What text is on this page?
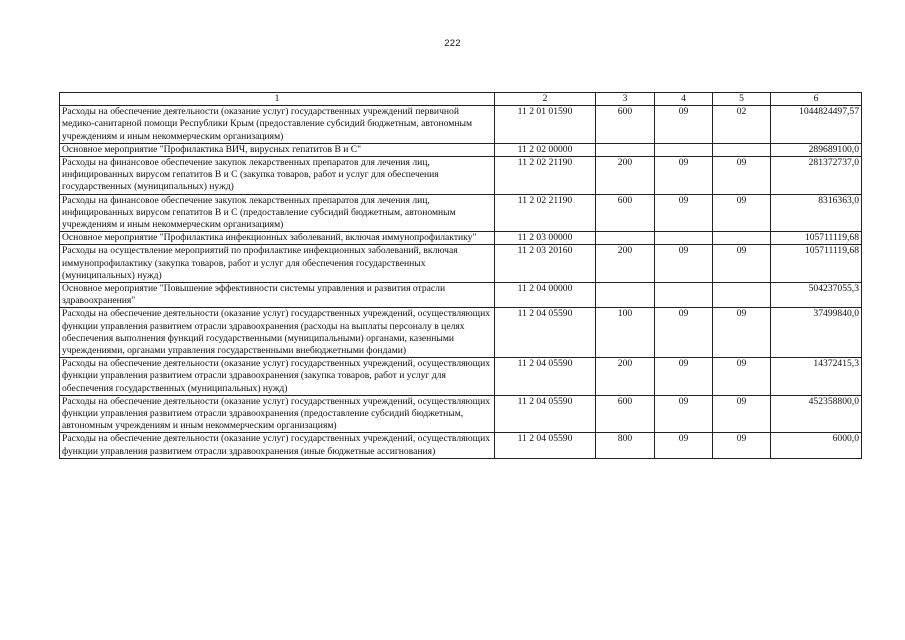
222
1	2	3	4	5	6
Расходы на обеспечение деятельности (оказание услуг) государственных учреждений первичной медико-санитарной помощи Республики Крым (предоставление субсидий бюджетным, автономным учреждениям и иным некоммерческим организациям)	11 2 01 01590	600	09	02	1044824497,57
Основное мероприятие "Профилактика ВИЧ, вирусных гепатитов В и С"	11 2 02 00000				289689100,0
Расходы на финансовое обеспечение закупок лекарственных препаратов для лечения лиц, инфицированных вирусом гепатитов В и С (закупка товаров, работ и услуг для обеспечения государственных (муниципальных) нужд)	11 2 02 21190	200	09	09	281372737,0
Расходы на финансовое обеспечение закупок лекарственных препаратов для лечения лиц, инфицированных вирусом гепатитов В и С (предоставление субсидий бюджетным, автономным учреждениям и иным некоммерческим организациям)	11 2 02 21190	600	09	09	8316363,0
Основное мероприятие "Профилактика инфекционных заболеваний, включая иммунопрофилактику"	11 2 03 00000				105711119,68
Расходы на осуществление мероприятий по профилактике инфекционных заболеваний, включая иммунопрофилактику (закупка товаров, работ и услуг для обеспечения государственных (муниципальных) нужд)	11 2 03 20160	200	09	09	105711119,68
Основное мероприятие "Повышение эффективности системы управления и развития отрасли здравоохранения"	11 2 04 00000				504237055,3
Расходы на обеспечение деятельности (оказание услуг) государственных учреждений, осуществляющих функции управления развитием отрасли здравоохранения (расходы на выплаты персоналу в целях обеспечения выполнения функций государственными (муниципальными) органами, казенными учреждениями, органами управления государственными внебюджетными фондами)	11 2 04 05590	100	09	09	37499840,0
Расходы на обеспечение деятельности (оказание услуг) государственных учреждений, осуществляющих функции управления развитием отрасли здравоохранения (закупка товаров, работ и услуг для обеспечения государственных (муниципальных) нужд)	11 2 04 05590	200	09	09	14372415,3
Расходы на обеспечение деятельности (оказание услуг) государственных учреждений, осуществляющих функции управления развитием отрасли здравоохранения (предоставление субсидий бюджетным, автономным учреждениям и иным некоммерческим организациям)	11 2 04 05590	600	09	09	452358800,0
Расходы на обеспечение деятельности (оказание услуг) государственных учреждений, осуществляющих функции управления развитием отрасли здравоохранения (иные бюджетные ассигнования)	11 2 04 05590	800	09	09	6000,0
